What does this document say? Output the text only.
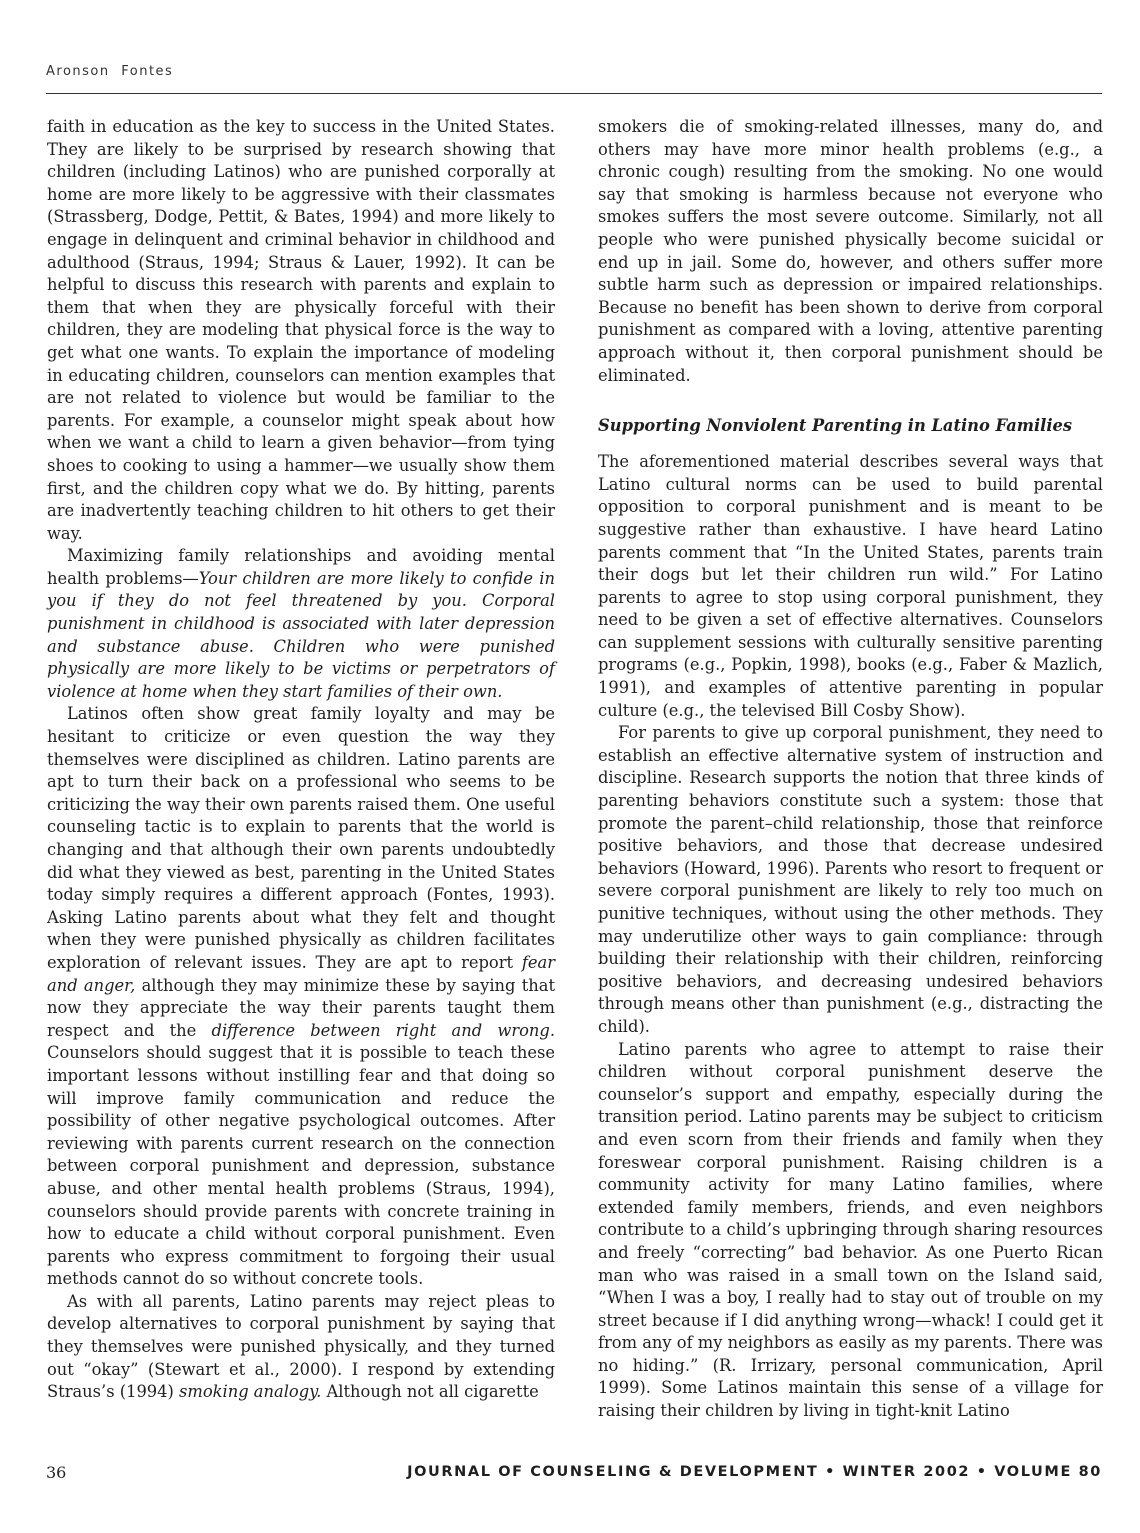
Aronson Fontes

faith in education as the key to success in the United States. They are likely to be surprised by research showing that children (including Latinos) who are punished corporally at home are more likely to be aggressive with their classmates (Strassberg, Dodge, Pettit, & Bates, 1994) and more likely to engage in delinquent and criminal behavior in childhood and adulthood (Straus, 1994; Straus & Lauer, 1992). It can be helpful to discuss this research with parents and explain to them that when they are physically forceful with their children, they are modeling that physical force is the way to get what one wants. To explain the importance of modeling in educating children, counselors can mention examples that are not related to violence but would be familiar to the parents. For example, a counselor might speak about how when we want a child to learn a given behavior—from tying shoes to cooking to using a hammer—we usually show them first, and the children copy what we do. By hitting, parents are inadvertently teaching children to hit others to get their way.

Maximizing family relationships and avoiding mental health problems—Your children are more likely to confide in you if they do not feel threatened by you. Corporal punishment in childhood is associated with later depression and substance abuse. Children who were punished physically are more likely to be victims or perpetrators of violence at home when they start families of their own.

Latinos often show great family loyalty and may be hesitant to criticize or even question the way they themselves were disciplined as children. Latino parents are apt to turn their back on a professional who seems to be criticizing the way their own parents raised them. One useful counseling tactic is to explain to parents that the world is changing and that although their own parents undoubtedly did what they viewed as best, parenting in the United States today simply requires a different approach (Fontes, 1993). Asking Latino parents about what they felt and thought when they were punished physically as children facilitates exploration of relevant issues. They are apt to report fear and anger, although they may minimize these by saying that now they appreciate the way their parents taught them respect and the difference between right and wrong. Counselors should suggest that it is possible to teach these important lessons without instilling fear and that doing so will improve family communication and reduce the possibility of other negative psychological outcomes. After reviewing with parents current research on the connection between corporal punishment and depression, substance abuse, and other mental health problems (Straus, 1994), counselors should provide parents with concrete training in how to educate a child without corporal punishment. Even parents who express commitment to forgoing their usual methods cannot do so without concrete tools.

As with all parents, Latino parents may reject pleas to develop alternatives to corporal punishment by saying that they themselves were punished physically, and they turned out “okay” (Stewart et al., 2000). I respond by extending Straus’s (1994) smoking analogy. Although not all cigarette

smokers die of smoking-related illnesses, many do, and others may have more minor health problems (e.g., a chronic cough) resulting from the smoking. No one would say that smoking is harmless because not everyone who smokes suffers the most severe outcome. Similarly, not all people who were punished physically become suicidal or end up in jail. Some do, however, and others suffer more subtle harm such as depression or impaired relationships. Because no benefit has been shown to derive from corporal punishment as compared with a loving, attentive parenting approach without it, then corporal punishment should be eliminated.

Supporting Nonviolent Parenting in Latino Families

The aforementioned material describes several ways that Latino cultural norms can be used to build parental opposition to corporal punishment and is meant to be suggestive rather than exhaustive. I have heard Latino parents comment that “In the United States, parents train their dogs but let their children run wild.” For Latino parents to agree to stop using corporal punishment, they need to be given a set of effective alternatives. Counselors can supplement sessions with culturally sensitive parenting programs (e.g., Popkin, 1998), books (e.g., Faber & Mazlich, 1991), and examples of attentive parenting in popular culture (e.g., the televised Bill Cosby Show).

For parents to give up corporal punishment, they need to establish an effective alternative system of instruction and discipline. Research supports the notion that three kinds of parenting behaviors constitute such a system: those that promote the parent–child relationship, those that reinforce positive behaviors, and those that decrease undesired behaviors (Howard, 1996). Parents who resort to frequent or severe corporal punishment are likely to rely too much on punitive techniques, without using the other methods. They may underutilize other ways to gain compliance: through building their relationship with their children, reinforcing positive behaviors, and decreasing undesired behaviors through means other than punishment (e.g., distracting the child).

Latino parents who agree to attempt to raise their children without corporal punishment deserve the counselor’s support and empathy, especially during the transition period. Latino parents may be subject to criticism and even scorn from their friends and family when they foreswear corporal punishment. Raising children is a community activity for many Latino families, where extended family members, friends, and even neighbors contribute to a child’s upbringing through sharing resources and freely “correcting” bad behavior. As one Puerto Rican man who was raised in a small town on the Island said, “When I was a boy, I really had to stay out of trouble on my street because if I did anything wrong—whack! I could get it from any of my neighbors as easily as my parents. There was no hiding.” (R. Irrizary, personal communication, April 1999). Some Latinos maintain this sense of a village for raising their children by living in tight-knit Latino

36	JOURNAL OF COUNSELING & DEVELOPMENT • WINTER 2002 • VOLUME 80
